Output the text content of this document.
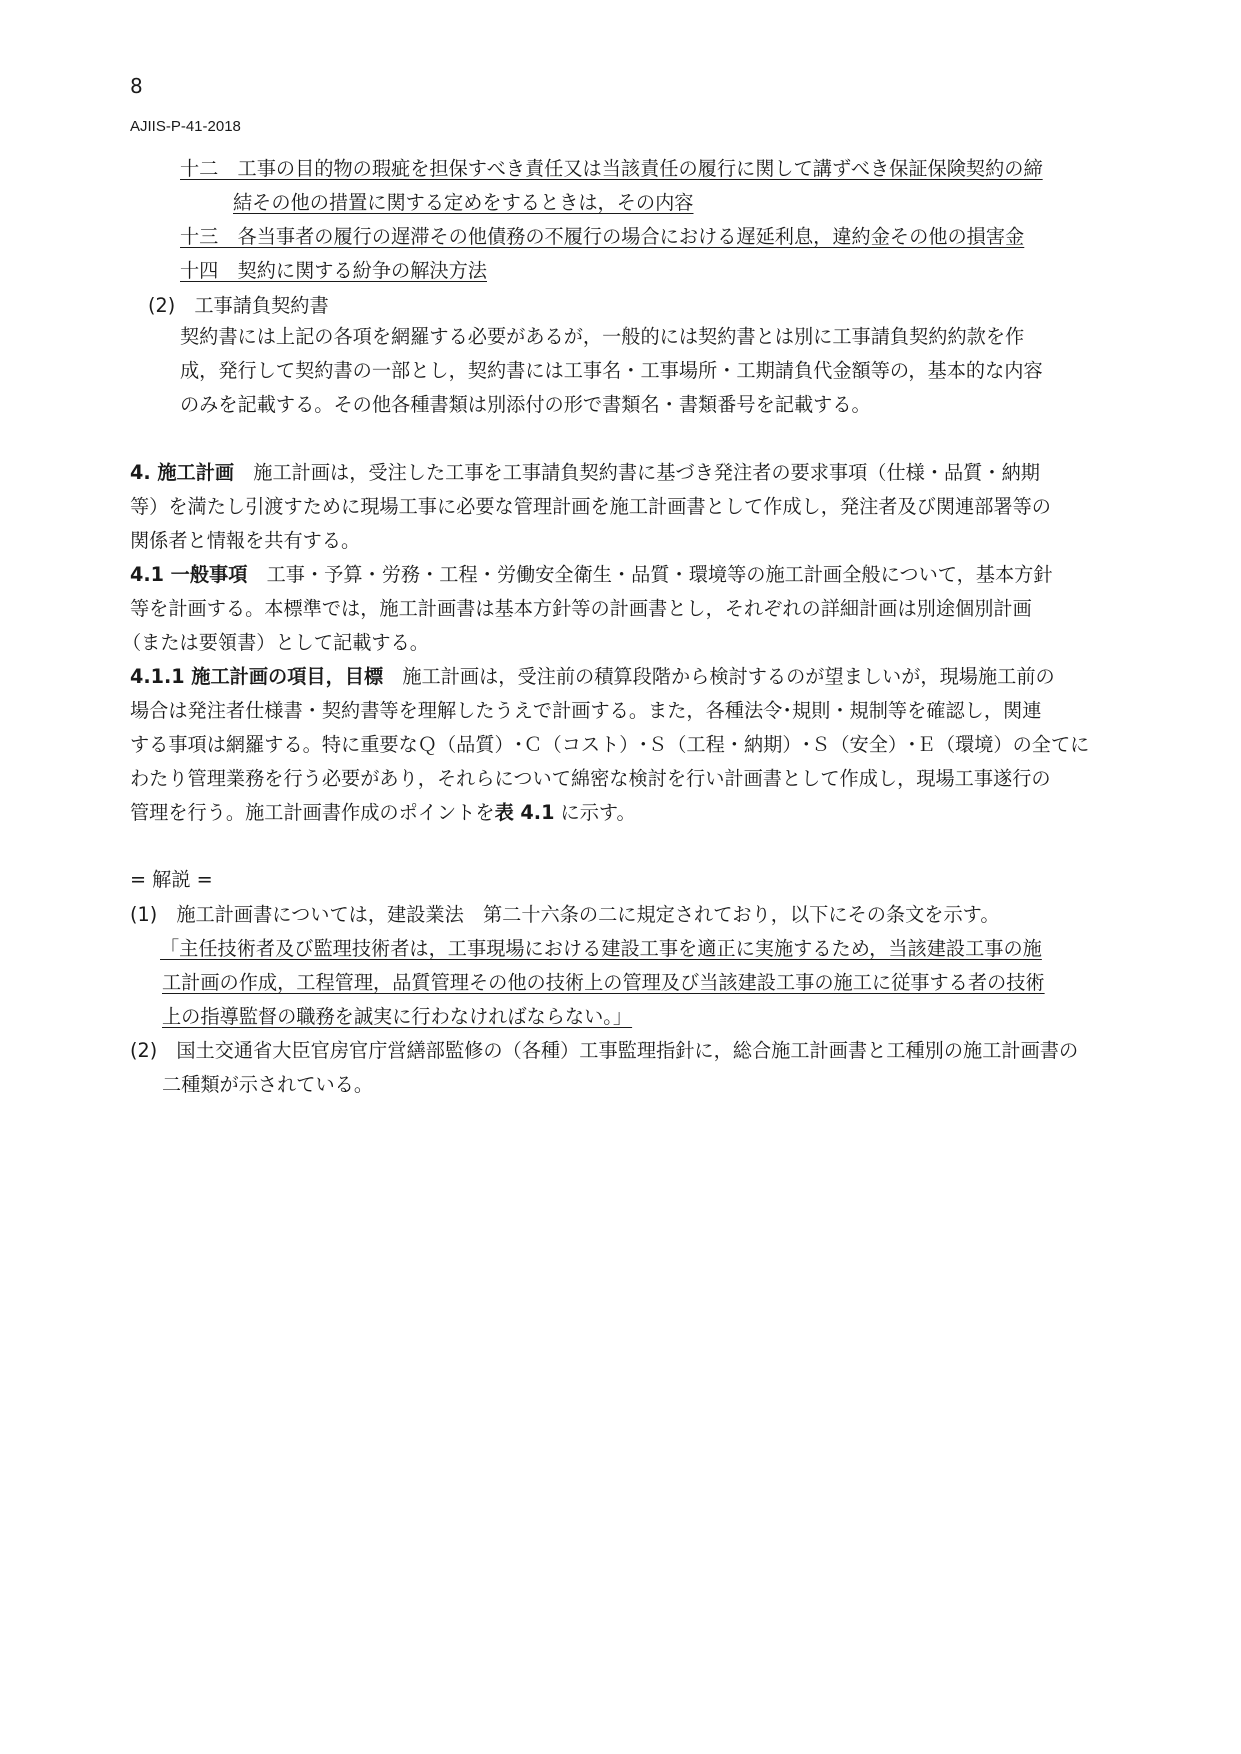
8
AJIIS-P-41-2018
十二　工事の目的物の瑕疵を担保すべき責任又は当該責任の履行に関して講ずべき保証保険契約の締
結その他の措置に関する定めをするときは，その内容
十三　各当事者の履行の遅滞その他債務の不履行の場合における遅延利息，違約金その他の損害金
十四　契約に関する紛争の解決方法
(2)　工事請負契約書
契約書には上記の各項を網羅する必要があるが，一般的には契約書とは別に工事請負契約約款を作
成，発行して契約書の一部とし，契約書には工事名・工事場所・工期請負代金額等の，基本的な内容
のみを記載する。その他各種書類は別添付の形で書類名・書類番号を記載する。
4. 施工計画　施工計画は，受注した工事を工事請負契約書に基づき発注者の要求事項（仕様・品質・納期
等）を満たし引渡すために現場工事に必要な管理計画を施工計画書として作成し，発注者及び関連部署等の
関係者と情報を共有する。
4.1 一般事項　工事・予算・労務・工程・労働安全衛生・品質・環境等の施工計画全般について，基本方針
等を計画する。本標準では，施工計画書は基本方針等の計画書とし，それぞれの詳細計画は別途個別計画
（または要領書）として記載する。
4.1.1 施工計画の項目，目標　施工計画は，受注前の積算段階から検討するのが望ましいが，現場施工前の
場合は発注者仕様書・契約書等を理解したうえで計画する。また，各種法令･規則・規制等を確認し，関連
する事項は網羅する。特に重要なＱ（品質）･Ｃ（コスト）･Ｓ（工程・納期）･Ｓ（安全）･Ｅ（環境）の全てに
わたり管理業務を行う必要があり，それらについて綿密な検討を行い計画書として作成し，現場工事遂行の
管理を行う。施工計画書作成のポイントを表 4.1 に示す。
= 解説 =
(1)　施工計画書については，建設業法　第二十六条の二に規定されており，以下にその条文を示す。
「主任技術者及び監理技術者は，工事現場における建設工事を適正に実施するため，当該建設工事の施
工計画の作成，工程管理，品質管理その他の技術上の管理及び当該建設工事の施工に従事する者の技術
上の指導監督の職務を誠実に行わなければならない。」
(2)　国土交通省大臣官房官庁営繕部監修の（各種）工事監理指針に，総合施工計画書と工種別の施工計画書の
二種類が示されている。
